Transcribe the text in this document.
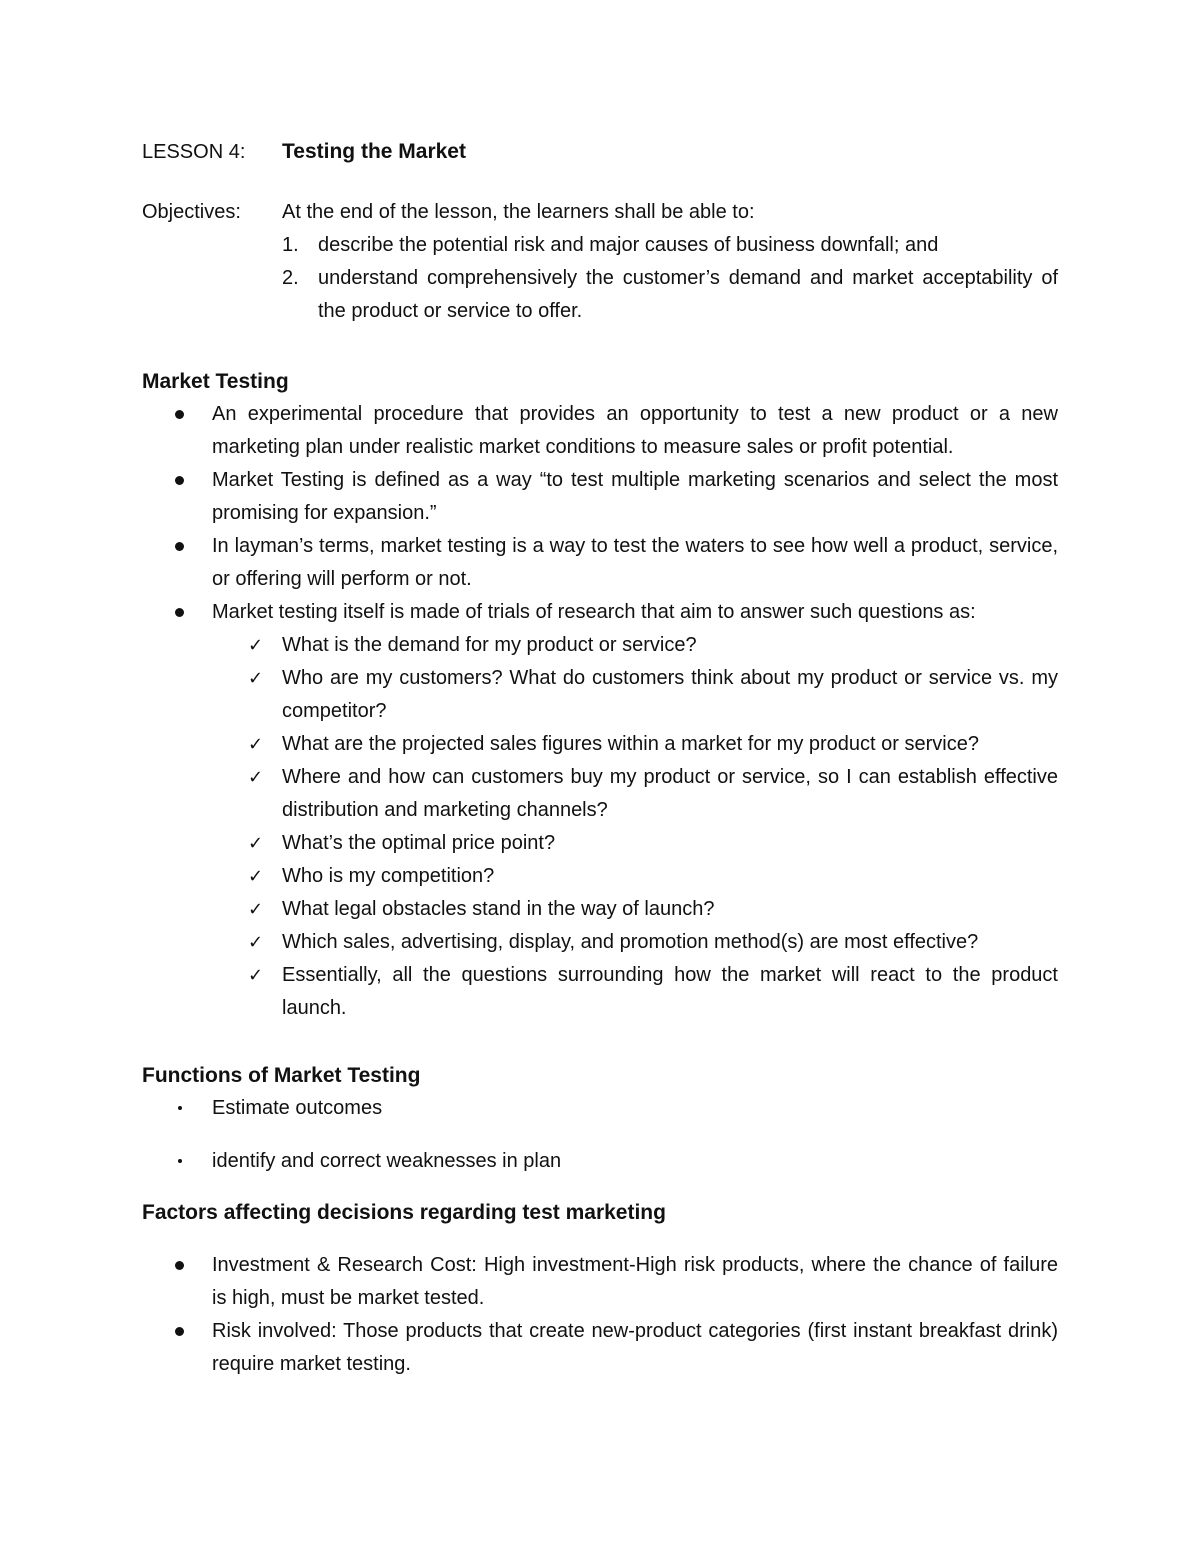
LESSON 4:	Testing the Market
Objectives:	At the end of the lesson, the learners shall be able to:
1. describe the potential risk and major causes of business downfall; and
2. understand comprehensively the customer’s demand and market acceptability of the product or service to offer.
Market Testing
An experimental procedure that provides an opportunity to test a new product or a new marketing plan under realistic market conditions to measure sales or profit potential.
Market Testing is defined as a way “to test multiple marketing scenarios and select the most promising for expansion.”
In layman’s terms, market testing is a way to test the waters to see how well a product, service, or offering will perform or not.
Market testing itself is made of trials of research that aim to answer such questions as:
✓ What is the demand for my product or service?
✓ Who are my customers? What do customers think about my product or service vs. my competitor?
✓ What are the projected sales figures within a market for my product or service?
✓ Where and how can customers buy my product or service, so I can establish effective distribution and marketing channels?
✓ What’s the optimal price point?
✓ Who is my competition?
✓ What legal obstacles stand in the way of launch?
✓ Which sales, advertising, display, and promotion method(s) are most effective?
✓ Essentially, all the questions surrounding how the market will react to the product launch.
Functions of Market Testing
Estimate outcomes
identify and correct weaknesses in plan
Factors affecting decisions regarding test marketing
Investment & Research Cost: High investment-High risk products, where the chance of failure is high, must be market tested.
Risk involved: Those products that create new-product categories (first instant breakfast drink) require market testing.
